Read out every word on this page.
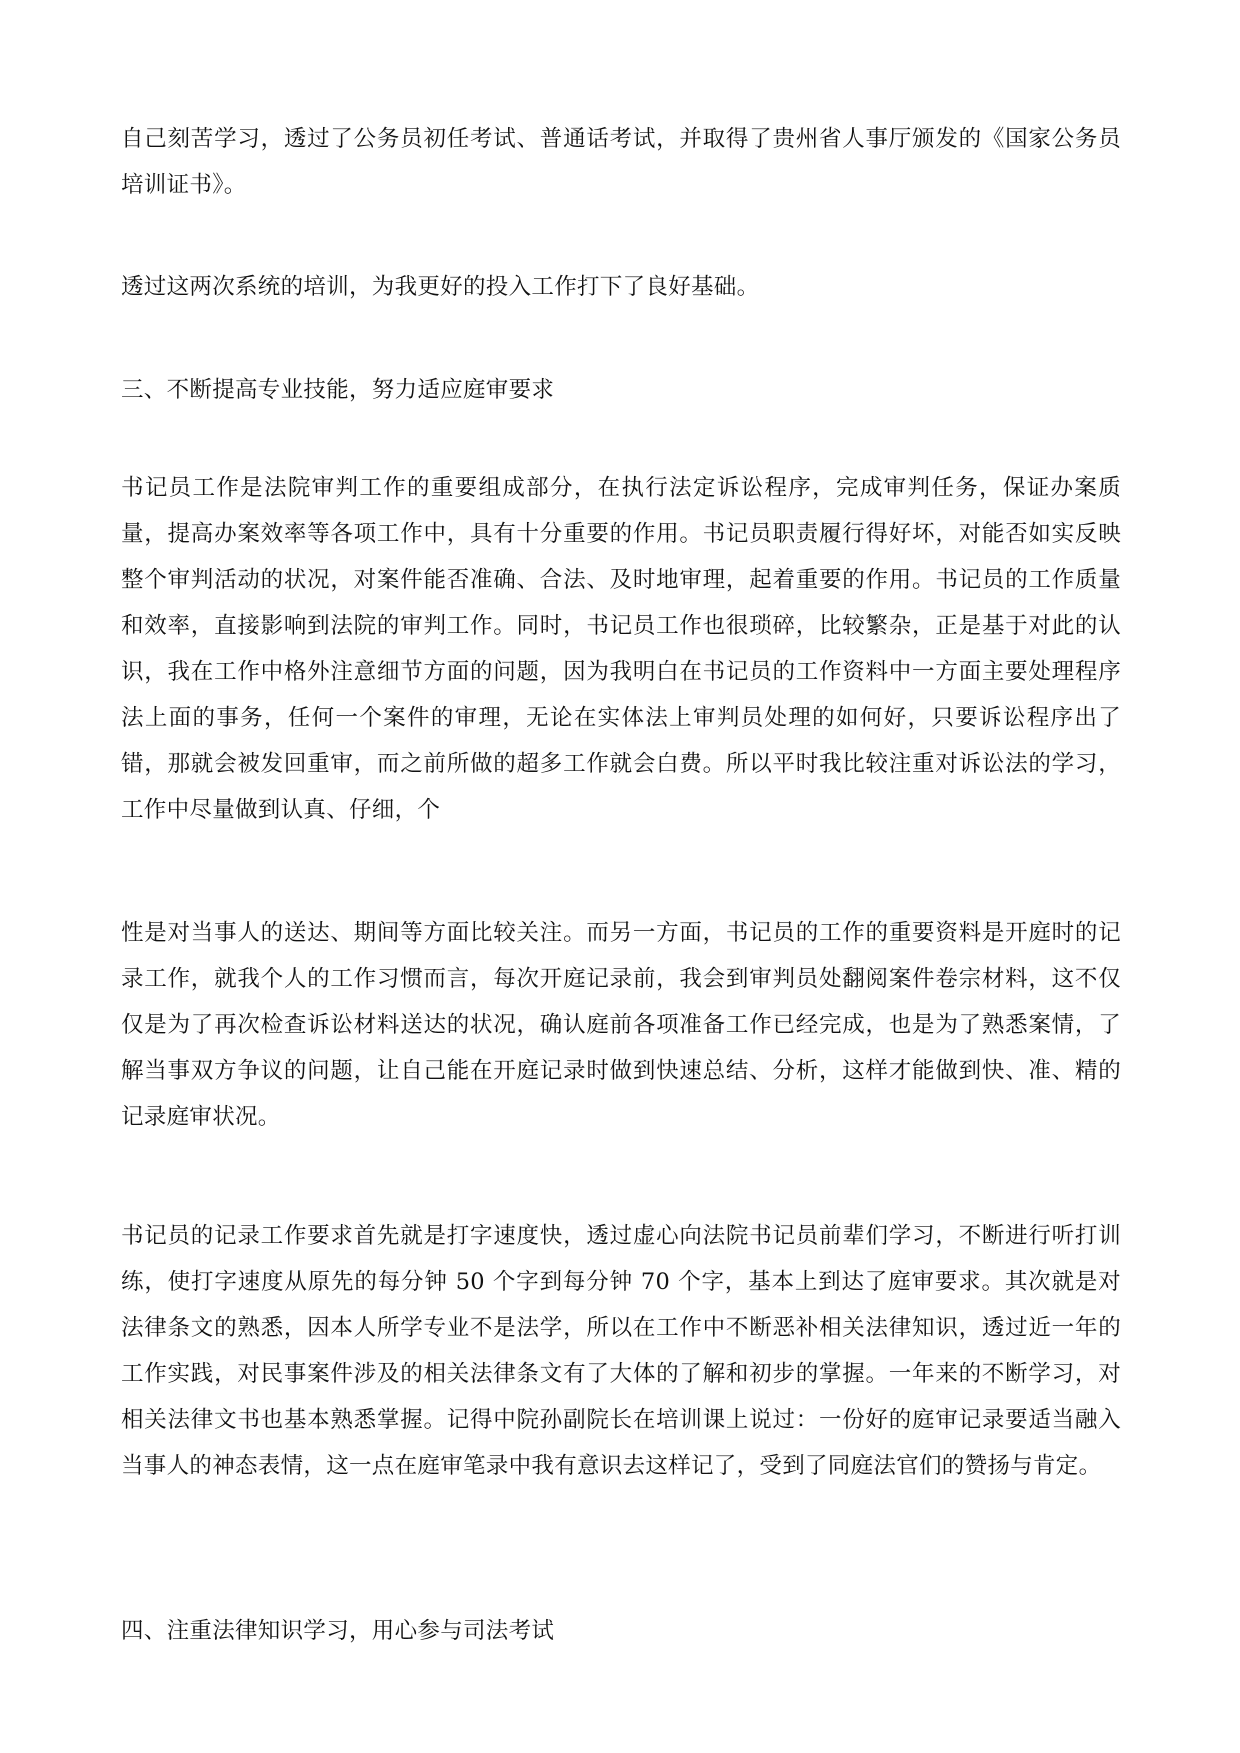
自己刻苦学习，透过了公务员初任考试、普通话考试，并取得了贵州省人事厅颁发的《国家公务员培训证书》。

透过这两次系统的培训，为我更好的投入工作打下了良好基础。

三、不断提高专业技能，努力适应庭审要求

书记员工作是法院审判工作的重要组成部分，在执行法定诉讼程序，完成审判任务，保证办案质量，提高办案效率等各项工作中，具有十分重要的作用。书记员职责履行得好坏，对能否如实反映整个审判活动的状况，对案件能否准确、合法、及时地审理，起着重要的作用。书记员的工作质量和效率，直接影响到法院的审判工作。同时，书记员工作也很琐碎，比较繁杂，正是基于对此的认识，我在工作中格外注意细节方面的问题，因为我明白在书记员的工作资料中一方面主要处理程序法上面的事务，任何一个案件的审理，无论在实体法上审判员处理的如何好，只要诉讼程序出了错，那就会被发回重审，而之前所做的超多工作就会白费。所以平时我比较注重对诉讼法的学习，工作中尽量做到认真、仔细，个

性是对当事人的送达、期间等方面比较关注。而另一方面，书记员的工作的重要资料是开庭时的记录工作，就我个人的工作习惯而言，每次开庭记录前，我会到审判员处翻阅案件卷宗材料，这不仅仅是为了再次检查诉讼材料送达的状况，确认庭前各项准备工作已经完成，也是为了熟悉案情，了解当事双方争议的问题，让自己能在开庭记录时做到快速总结、分析，这样才能做到快、准、精的记录庭审状况。

书记员的记录工作要求首先就是打字速度快，透过虚心向法院书记员前辈们学习，不断进行听打训练，使打字速度从原先的每分钟 50 个字到每分钟 70 个字，基本上到达了庭审要求。其次就是对法律条文的熟悉，因本人所学专业不是法学，所以在工作中不断恶补相关法律知识，透过近一年的工作实践，对民事案件涉及的相关法律条文有了大体的了解和初步的掌握。一年来的不断学习，对相关法律文书也基本熟悉掌握。记得中院孙副院长在培训课上说过：一份好的庭审记录要适当融入当事人的神态表情，这一点在庭审笔录中我有意识去这样记了，受到了同庭法官们的赞扬与肯定。

四、注重法律知识学习，用心参与司法考试
